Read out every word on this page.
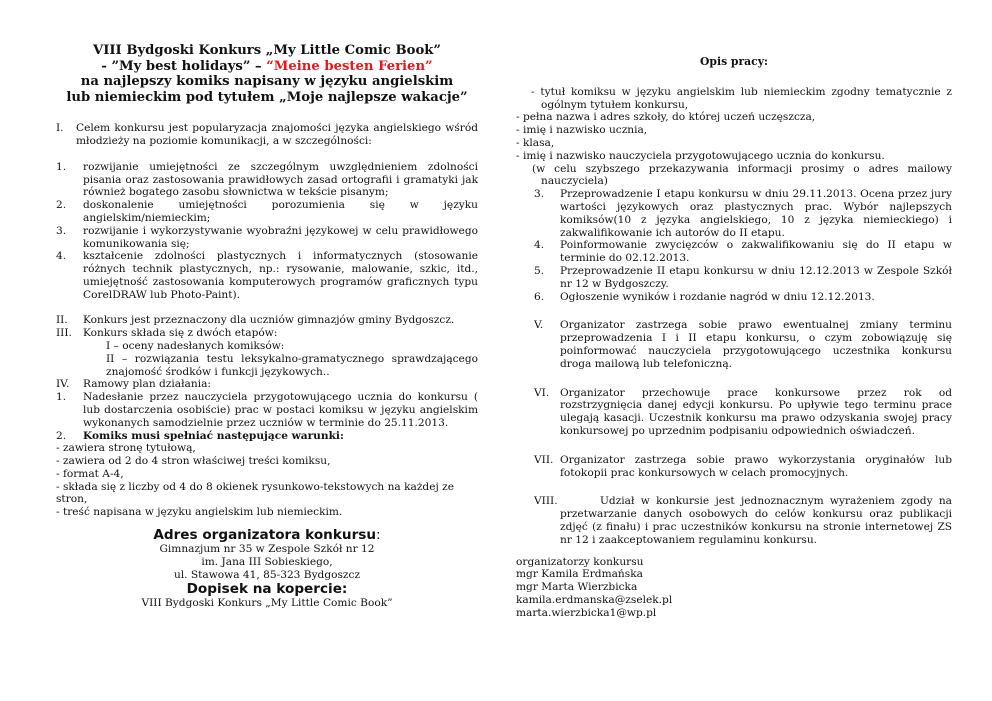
VIII Bydgoski Konkurs „My Little Comic Book”
- ”My best holidays” – “Meine besten Ferien”
na najlepszy komiks napisany w języku angielskim
lub niemieckim pod tytułem „Moje najlepsze wakacje”
I.	Celem konkursu jest popularyzacja znajomości języka angielskiego wśród młodzieży na poziomie komunikacji, a w szczególności:
1.	rozwijanie umiejętności ze szczególnym uwzględnieniem zdolności pisania oraz zastosowania prawidłowych zasad ortografii i gramatyki jak również bogatego zasobu słownictwa w tekście pisanym;
2.	doskonalenie umiejętności porozumienia się w języku angielskim/niemieckim;
3.	rozwijanie i wykorzystywanie wyobraźni językowej w celu prawidłowego komunikowania się;
4.	kształcenie zdolności plastycznych i informatycznych (stosowanie różnych technik plastycznych, np.: rysowanie, malowanie, szkic, itd., umiejętność zastosowania komputerowych programów graficznych typu CorelDRAW lub Photo-Paint).
II.	Konkurs jest przeznaczony dla uczniów gimnazjów gminy Bydgoszcz.
III.	Konkurs składa się z dwóch etapów:
I – oceny nadesłanych komiksów:
II – rozwiązania testu leksykalno-gramatycznego sprawdzającego znajomość środków i funkcji językowych..
IV.	Ramowy plan działania:
1.	Nadesłanie przez nauczyciela przygotowującego ucznia do konkursu ( lub dostarczenia osobiście) prac w postaci komiksu w języku angielskim wykonanych samodzielnie przez uczniów w terminie do 25.11.2013.
2.	Komiks musi spełniać następujące warunki:
- zawiera stronę tytułową,
- zawiera od 2 do 4 stron właściwej treści komiksu,
- format A-4,
- składa się z liczby od 4 do 8 okienek rysunkowo-tekstowych na każdej ze stron,
- treść napisana w języku angielskim lub niemieckim.
Adres organizatora konkursu:
Gimnazjum nr 35 w Zespole Szkół nr 12
im. Jana III Sobieskiego,
ul. Stawowa 41, 85-323 Bydgoszcz
Dopisek na kopercie:
VIII Bydgoski Konkurs „My Little Comic Book”
Opis pracy:
- tytuł komiksu w języku angielskim lub niemieckim zgodny tematycznie z ogólnym tytułem konkursu,
- pełna nazwa i adres szkoły, do której uczeń uczęszcza,
- imię i nazwisko ucznia,
- klasa,
- imię i nazwisko nauczyciela przygotowującego ucznia do konkursu.
(w celu szybszego przekazywania informacji prosimy o adres mailowy nauczyciela)
3.	Przeprowadzenie I etapu konkursu w dniu 29.11.2013. Ocena przez jury wartości językowych oraz plastycznych prac. Wybór najlepszych komiksów(10 z języka angielskiego, 10 z języka niemieckiego) i zakwalifikowanie ich autorów do II etapu.
4.	Poinformowanie zwycięzców o zakwalifikowaniu się do II etapu w terminie do 02.12.2013.
5.	Przeprowadzenie II etapu konkursu w dniu 12.12.2013 w Zespole Szkół nr 12 w Bydgoszczy.
6.	Ogłoszenie wyników i rozdanie nagród w dniu 12.12.2013.
V.	Organizator zastrzega sobie prawo ewentualnej zmiany terminu przeprowadzenia I i II etapu konkursu, o czym zobowiązuję się poinformować nauczyciela przygotowującego uczestnika konkursu droga mailową lub telefoniczną.
VI.	Organizator przechowuje prace konkursowe przez rok od rozstrzygnięcia danej edycji konkursu. Po upływie tego terminu prace ulegają kasacji. Uczestnik konkursu ma prawo odzyskania swojej pracy konkursowej po uprzednim podpisaniu odpowiednich oświadczeń.
VII. Organizator zastrzega sobie prawo wykorzystania oryginałów lub fotokopii prac konkursowych w celach promocyjnych.
VIII.	Udział w konkursie jest jednoznacznym wyrażeniem zgody na przetwarzanie danych osobowych do celów konkursu oraz publikacji zdjęć (z finału) i prac uczestników konkursu na stronie internetowej ZS nr 12 i zaakceptowaniem regulaminu konkursu.
organizatorzy konkursu
mgr Kamila Erdmańska
mgr Marta Wierzbicka
kamila.erdmanska@zselek.pl
marta.wierzbicka1@wp.pl
